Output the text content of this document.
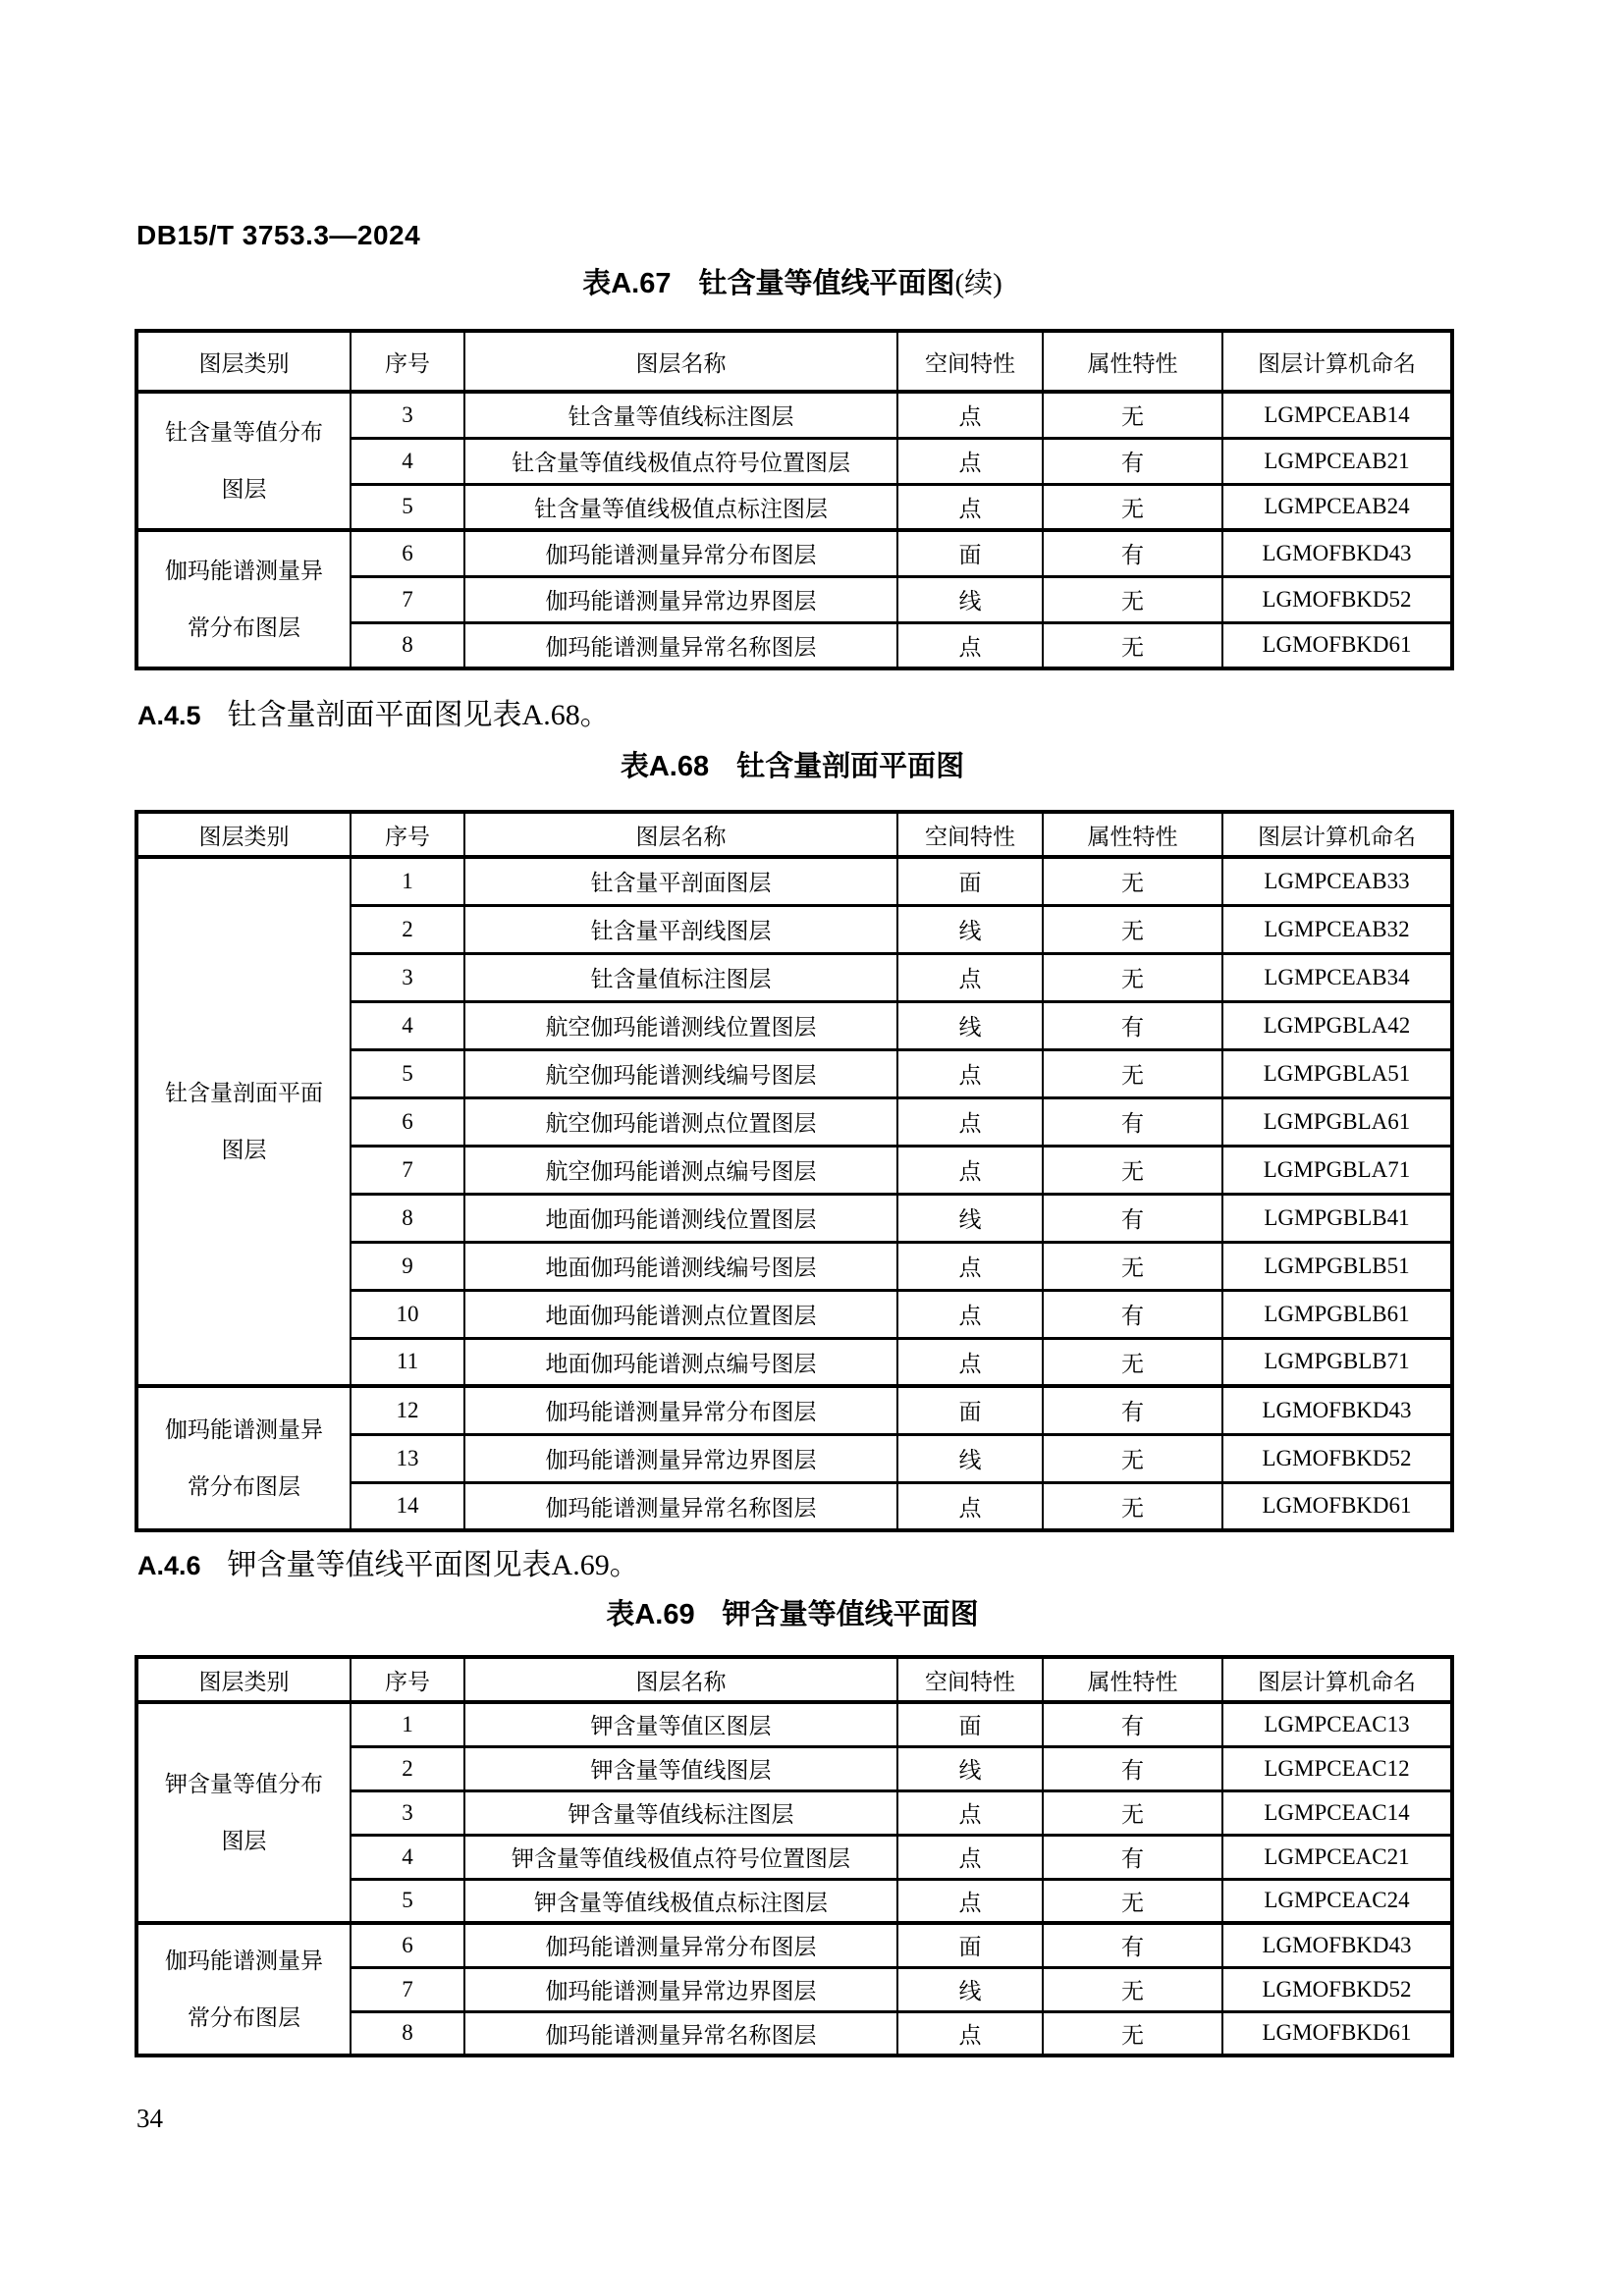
DB15/T 3753.3—2024
表A.67 钍含量等值线平面图(续)
图层类别	序号	图层名称	空间特性	属性特性	图层计算机命名
钍含量等值分布图层	3	钍含量等值线标注图层	点	无	LGMPCEAB14
	4	钍含量等值线极值点符号位置图层	点	有	LGMPCEAB21
	5	钍含量等值线极值点标注图层	点	无	LGMPCEAB24
伽玛能谱测量异常分布图层	6	伽玛能谱测量异常分布图层	面	有	LGMOFBKD43
	7	伽玛能谱测量异常边界图层	线	无	LGMOFBKD52
	8	伽玛能谱测量异常名称图层	点	无	LGMOFBKD61
A.4.5 钍含量剖面平面图见表A.68。
表A.68 钍含量剖面平面图
图层类别	序号	图层名称	空间特性	属性特性	图层计算机命名
钍含量剖面平面图层	1	钍含量平剖面图层	面	无	LGMPCEAB33
	2	钍含量平剖线图层	线	无	LGMPCEAB32
	3	钍含量值标注图层	点	无	LGMPCEAB34
	4	航空伽玛能谱测线位置图层	线	有	LGMPGBLA42
	5	航空伽玛能谱测线编号图层	点	无	LGMPGBLA51
	6	航空伽玛能谱测点位置图层	点	有	LGMPGBLA61
	7	航空伽玛能谱测点编号图层	点	无	LGMPGBLA71
	8	地面伽玛能谱测线位置图层	线	有	LGMPGBLB41
	9	地面伽玛能谱测线编号图层	点	无	LGMPGBLB51
	10	地面伽玛能谱测点位置图层	点	有	LGMPGBLB61
	11	地面伽玛能谱测点编号图层	点	无	LGMPGBLB71
伽玛能谱测量异常分布图层	12	伽玛能谱测量异常分布图层	面	有	LGMOFBKD43
	13	伽玛能谱测量异常边界图层	线	无	LGMOFBKD52
	14	伽玛能谱测量异常名称图层	点	无	LGMOFBKD61
A.4.6 钾含量等值线平面图见表A.69。
表A.69 钾含量等值线平面图
图层类别	序号	图层名称	空间特性	属性特性	图层计算机命名
钾含量等值分布图层	1	钾含量等值区图层	面	有	LGMPCEAC13
	2	钾含量等值线图层	线	有	LGMPCEAC12
	3	钾含量等值线标注图层	点	无	LGMPCEAC14
	4	钾含量等值线极值点符号位置图层	点	有	LGMPCEAC21
	5	钾含量等值线极值点标注图层	点	无	LGMPCEAC24
伽玛能谱测量异常分布图层	6	伽玛能谱测量异常分布图层	面	有	LGMOFBKD43
	7	伽玛能谱测量异常边界图层	线	无	LGMOFBKD52
	8	伽玛能谱测量异常名称图层	点	无	LGMOFBKD61
34
